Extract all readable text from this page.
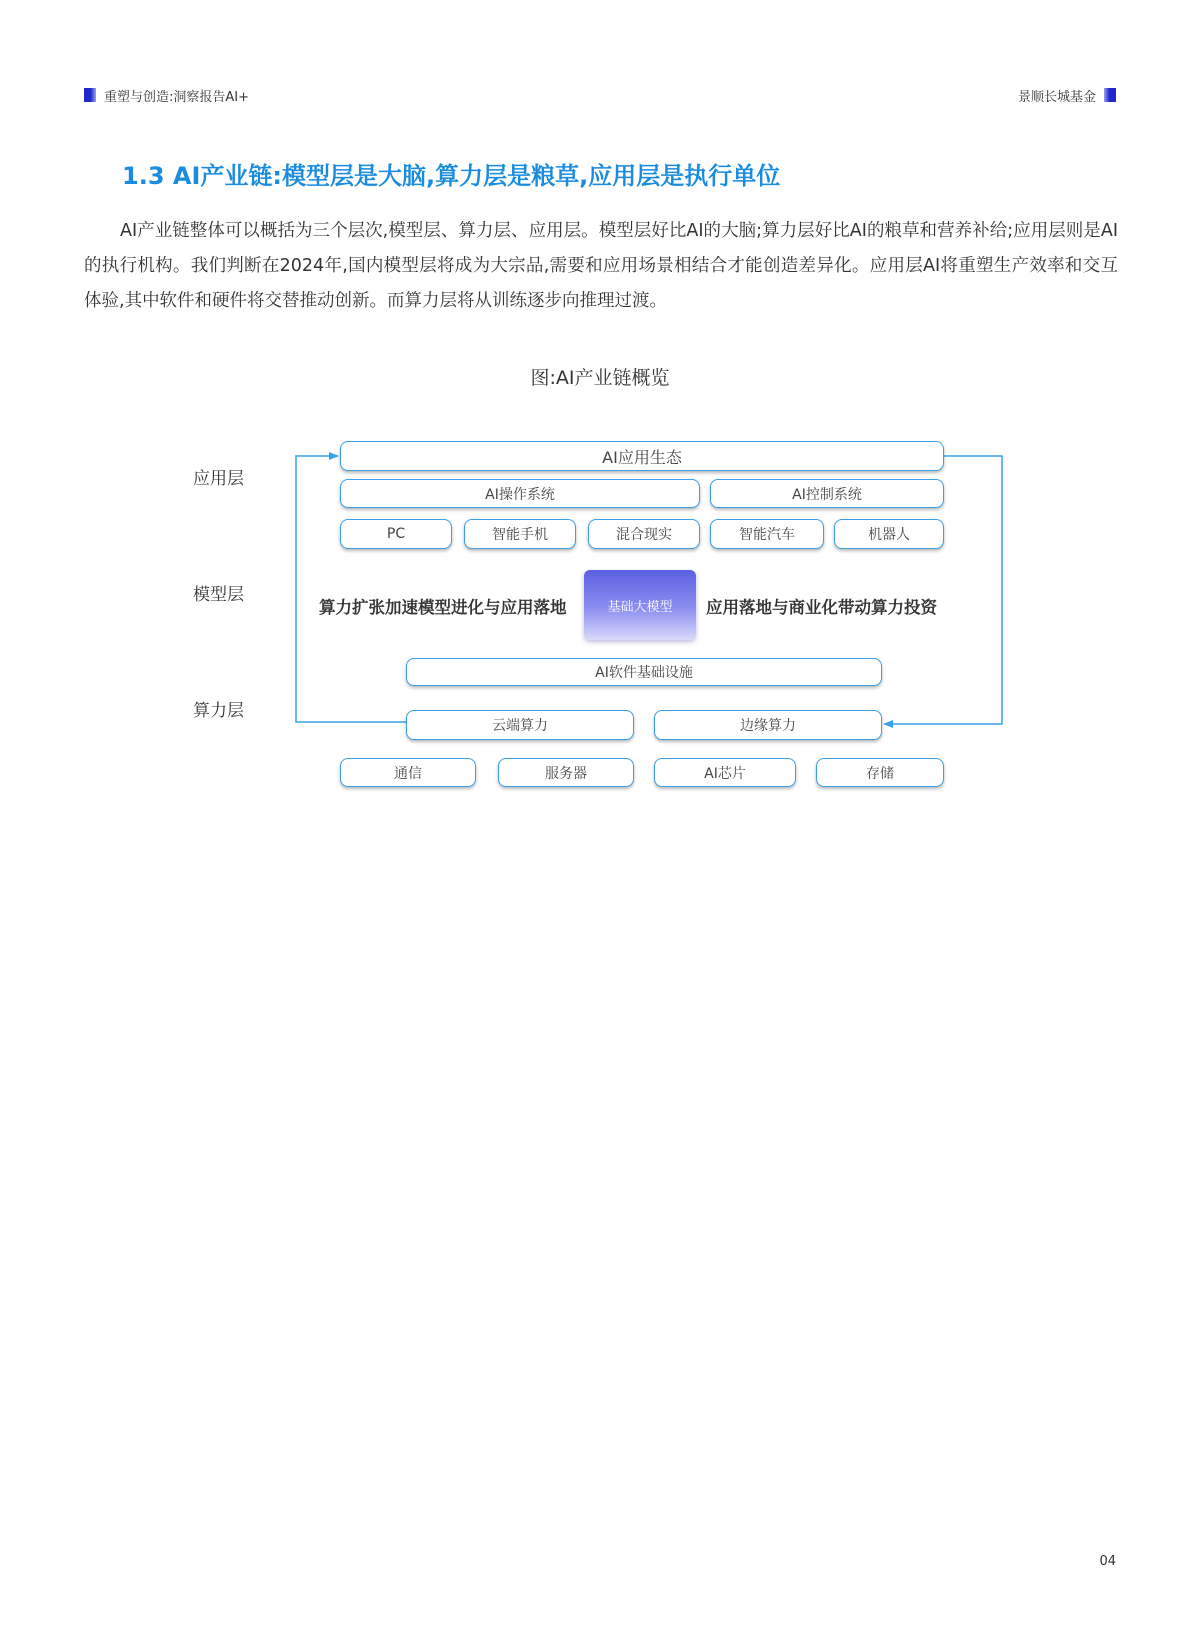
重塑与创造:洞察报告AI+	景顺长城基金
1.3 AI产业链:模型层是大脑,算力层是粮草,应用层是执行单位

AI产业链整体可以概括为三个层次,模型层、算力层、应用层。模型层好比AI的大脑;算力层好比AI的粮草和营养补给;应用层则是AI的执行机构。我们判断在2024年,国内模型层将成为大宗品,需要和应用场景相结合才能创造差异化。应用层AI将重塑生产效率和交互体验,其中软件和硬件将交替推动创新。而算力层将从训练逐步向推理过渡。

图:AI产业链概览
应用层
模型层
算力层
AI应用生态
AI操作系统	AI控制系统
PC	智能手机	混合现实	智能汽车	机器人
算力扩张加速模型进化与应用落地	基础大模型	应用落地与商业化带动算力投资
AI软件基础设施
云端算力	边缘算力
通信	服务器	AI芯片	存储
04
